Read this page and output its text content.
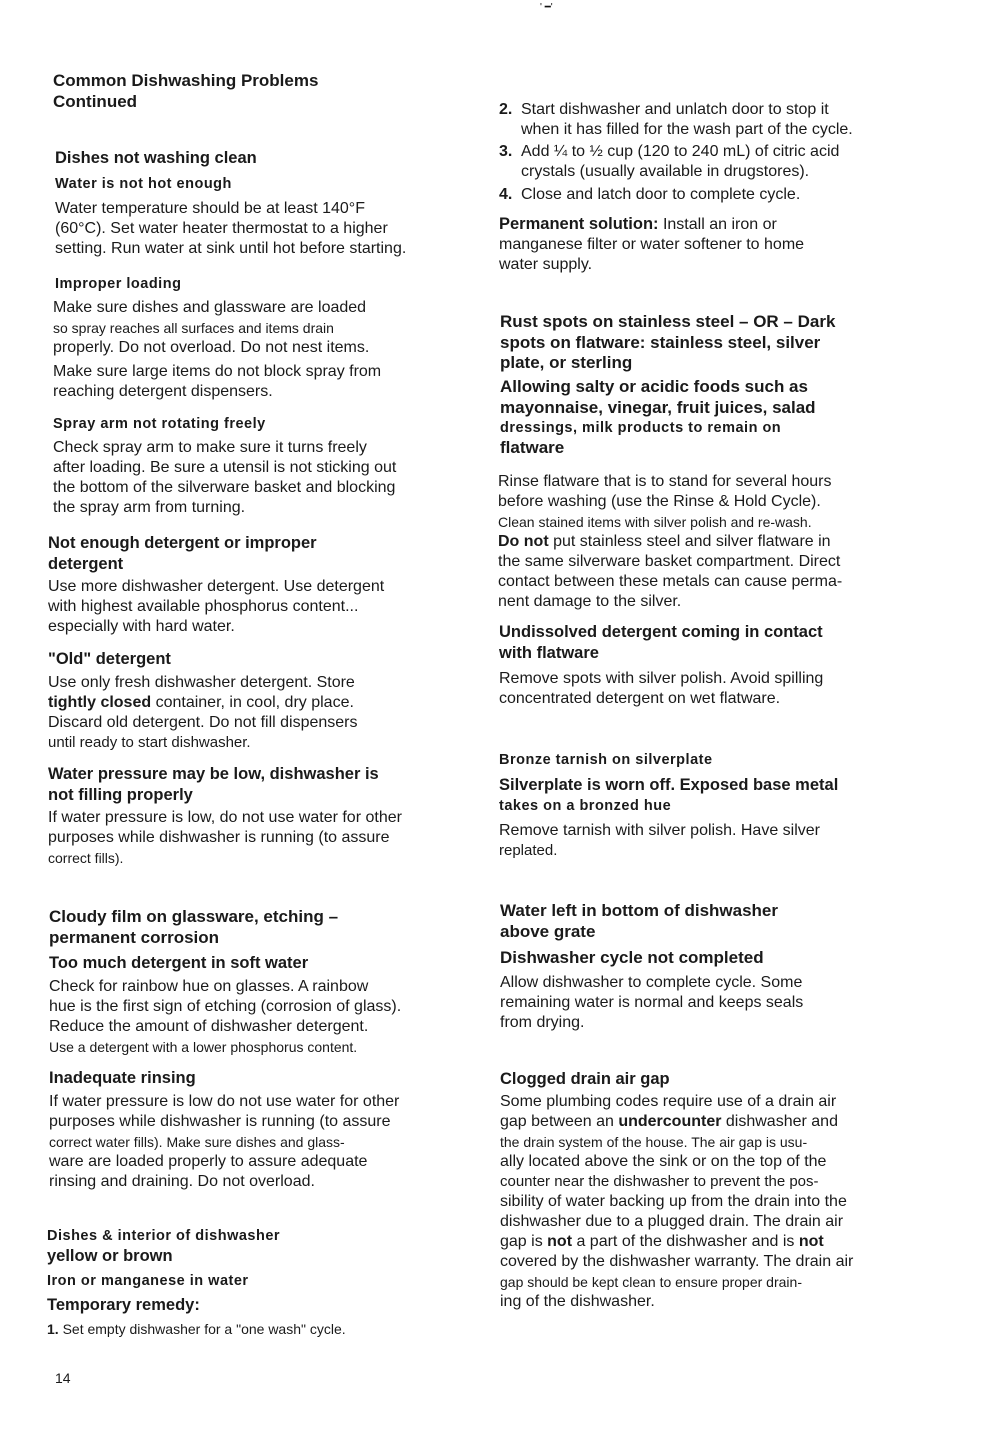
' ━'
Common Dishwashing Problems
Continued
Dishes not washing clean
Water is not hot enough
Water temperature should be at least 140°F
(60°C). Set water heater thermostat to a higher
setting. Run water at sink until hot before starting.
Improper loading
Make sure dishes and glassware are loaded
so spray reaches all surfaces and items drain
properly. Do not overload. Do not nest items.
Make sure large items do not block spray from
reaching detergent dispensers.
Spray arm not rotating freely
Check spray arm to make sure it turns freely
after loading. Be sure a utensil is not sticking out
the bottom of the silverware basket and blocking
the spray arm from turning.
Not enough detergent or improper
detergent
Use more dishwasher detergent. Use detergent
with highest available phosphorus content...
especially with hard water.
"Old" detergent
Use only fresh dishwasher detergent. Store
tightly closed container, in cool, dry place.
Discard old detergent. Do not fill dispensers
until ready to start dishwasher.
Water pressure may be low, dishwasher is
not filling properly
If water pressure is low, do not use water for other
purposes while dishwasher is running (to assure
correct fills).
Cloudy film on glassware, etching –
permanent corrosion
Too much detergent in soft water
Check for rainbow hue on glasses. A rainbow
hue is the first sign of etching (corrosion of glass).
Reduce the amount of dishwasher detergent.
Use a detergent with a lower phosphorus content.
Inadequate rinsing
If water pressure is low do not use water for other
purposes while dishwasher is running (to assure
correct water fills). Make sure dishes and glass-
ware are loaded properly to assure adequate
rinsing and draining. Do not overload.
Dishes & interior of dishwasher
yellow or brown
Iron or manganese in water
Temporary remedy:
1. Set empty dishwasher for a "one wash" cycle.
14
2. Start dishwasher and unlatch door to stop it
when it has filled for the wash part of the cycle.
3. Add ¼ to ½ cup (120 to 240 mL) of citric acid
crystals (usually available in drugstores).
4. Close and latch door to complete cycle.
Permanent solution: Install an iron or
manganese filter or water softener to home
water supply.
Rust spots on stainless steel – OR – Dark
spots on flatware: stainless steel, silver
plate, or sterling
Allowing salty or acidic foods such as
mayonnaise, vinegar, fruit juices, salad
dressings, milk products to remain on
flatware
Rinse flatware that is to stand for several hours
before washing (use the Rinse & Hold Cycle).
Clean stained items with silver polish and re-wash.
Do not put stainless steel and silver flatware in
the same silverware basket compartment. Direct
contact between these metals can cause perma-
nent damage to the silver.
Undissolved detergent coming in contact
with flatware
Remove spots with silver polish. Avoid spilling
concentrated detergent on wet flatware.
Bronze tarnish on silverplate
Silverplate is worn off. Exposed base metal
takes on a bronzed hue
Remove tarnish with silver polish. Have silver
replated.
Water left in bottom of dishwasher
above grate
Dishwasher cycle not completed
Allow dishwasher to complete cycle. Some
remaining water is normal and keeps seals
from drying.
Clogged drain air gap
Some plumbing codes require use of a drain air
gap between an undercounter dishwasher and
the drain system of the house. The air gap is usu-
ally located above the sink or on the top of the
counter near the dishwasher to prevent the pos-
sibility of water backing up from the drain into the
dishwasher due to a plugged drain. The drain air
gap is not a part of the dishwasher and is not
covered by the dishwasher warranty. The drain air
gap should be kept clean to ensure proper drain-
ing of the dishwasher.
